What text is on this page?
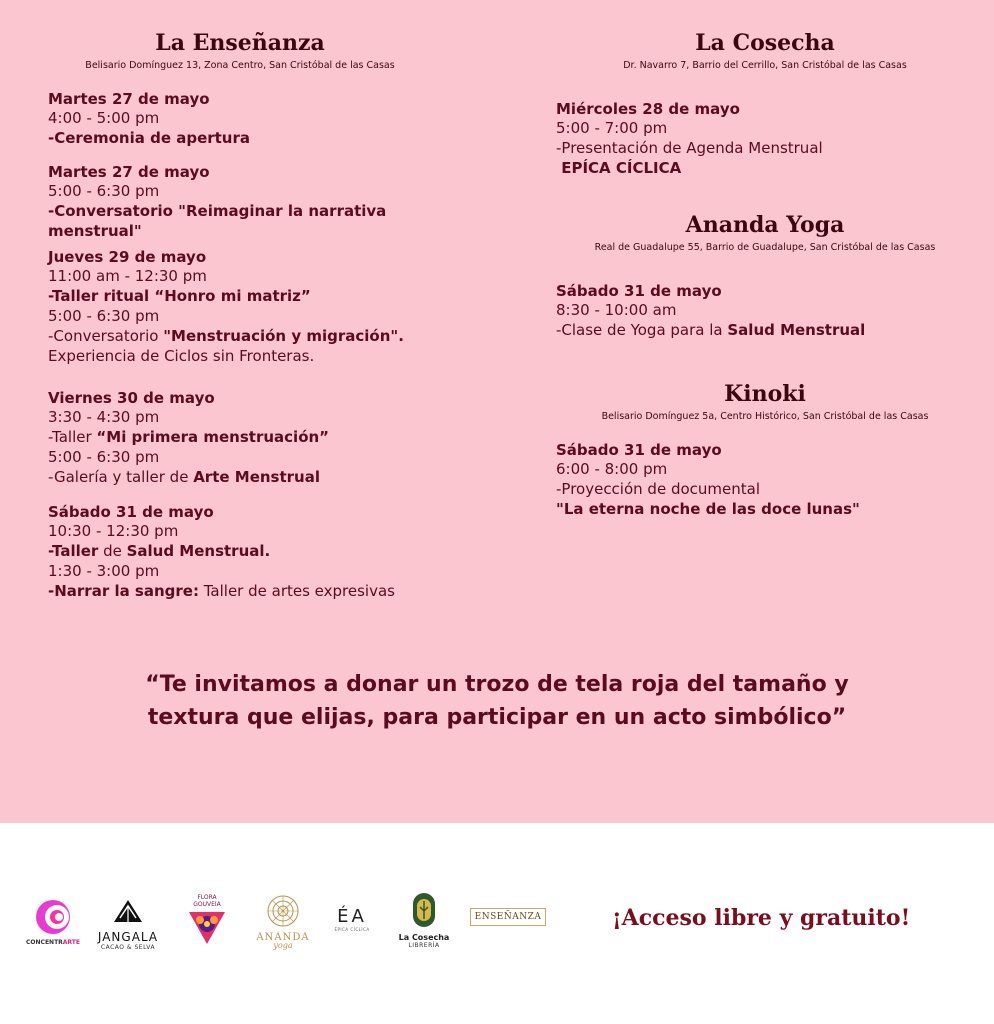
La Enseñanza
Belisario Domínguez 13, Zona Centro, San Cristóbal de las Casas
Martes 27 de mayo
4:00 - 5:00 pm
-Ceremonia de apertura
Martes 27 de mayo
5:00 - 6:30 pm
-Conversatorio "Reimaginar la narrativa
menstrual"
Jueves 29 de mayo
11:00 am - 12:30 pm
-Taller ritual “Honro mi matriz”
5:00 - 6:30 pm
-Conversatorio "Menstruación y migración".
Experiencia de Ciclos sin Fronteras.
Viernes 30 de mayo
3:30 - 4:30 pm
-Taller “Mi primera menstruación”
5:00 - 6:30 pm
-Galería y taller de Arte Menstrual
Sábado 31 de mayo
10:30 - 12:30 pm
-Taller de Salud Menstrual.
1:30 - 3:00 pm
-Narrar la sangre: Taller de artes expresivas
La Cosecha
Dr. Navarro 7, Barrio del Cerrillo, San Cristóbal de las Casas
Miércoles 28 de mayo
5:00 - 7:00 pm
-Presentación de Agenda Menstrual
EPÍCA CÍCLICA
Ananda Yoga
Real de Guadalupe 55, Barrio de Guadalupe, San Cristóbal de las Casas
Sábado 31 de mayo
8:30 - 10:00 am
-Clase de Yoga para la Salud Menstrual
Kinoki
Belisario Domínguez 5a, Centro Histórico, San Cristóbal de las Casas
Sábado 31 de mayo
6:00 - 8:00 pm
-Proyección de documental
"La eterna noche de las doce lunas"
“Te invitamos a donar un trozo de tela roja del tamaño y
textura que elijas, para participar en un acto simbólico”
CONCENTRARTE JANGALA
CACAO & SELVA
FLORA
GOUVEIA
ANANDA
yoga
ÉA
ÉPICA CÍCLICA
La Cosecha
LIBRERÍA
ENSEÑANZA	¡Acceso libre y gratuito!
